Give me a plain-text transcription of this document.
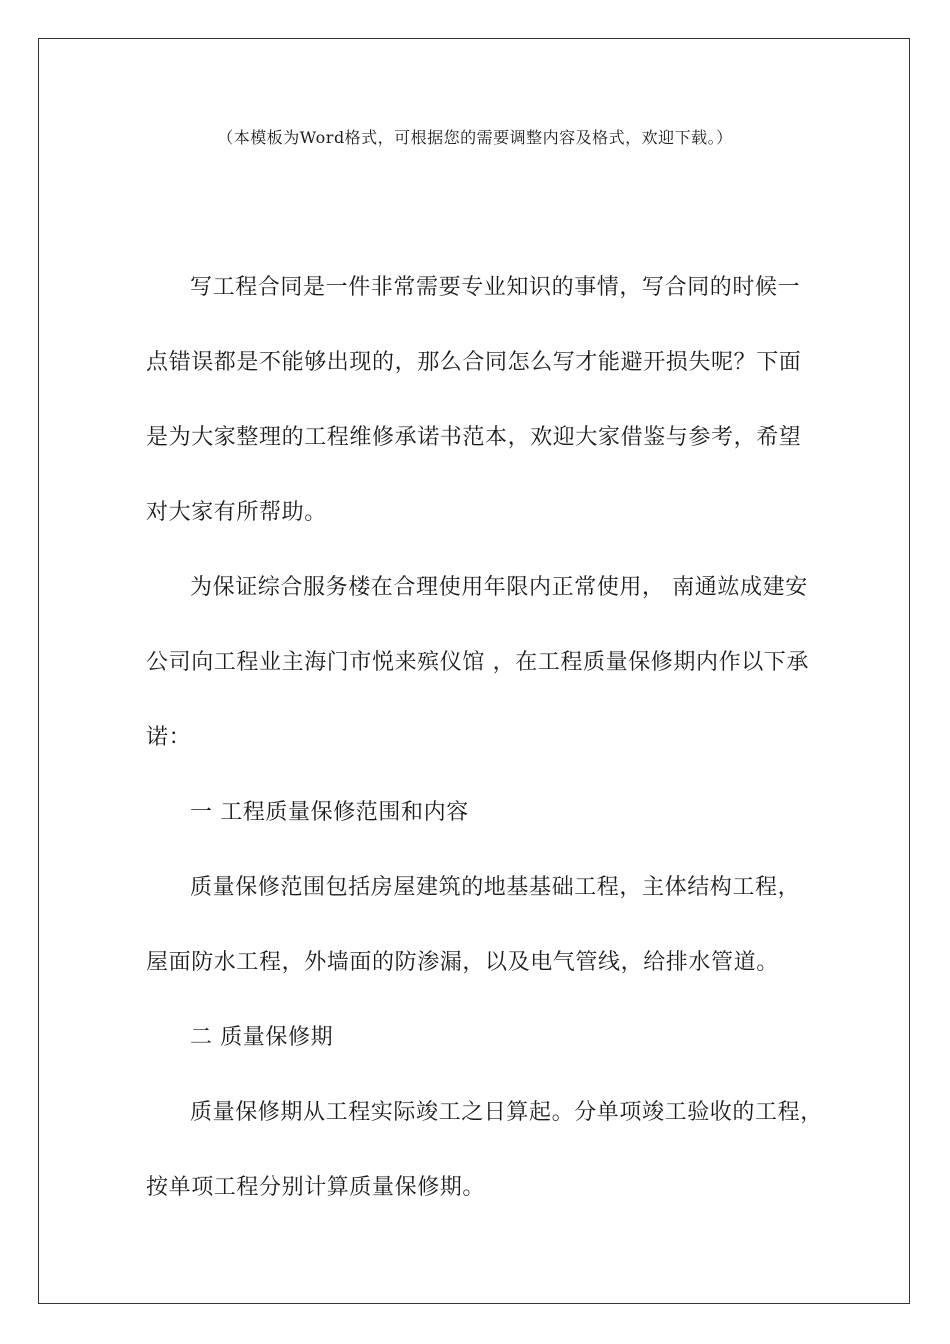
（本模板为Word格式，可根据您的需要调整内容及格式，欢迎下载。）
写工程合同是一件非常需要专业知识的事情，写合同的时候一
点错误都是不能够出现的，那么合同怎么写才能避开损失呢？下面
是为大家整理的工程维修承诺书范本，欢迎大家借鉴与参考，希望
对大家有所帮助。
为保证综合服务楼在合理使用年限内正常使用， 南通竑成建安
公司向工程业主海门市悦来殡仪馆 ，在工程质量保修期内作以下承
诺：
一 工程质量保修范围和内容
质量保修范围包括房屋建筑的地基基础工程，主体结构工程，
屋面防水工程，外墙面的防渗漏，以及电气管线，给排水管道。
二 质量保修期
质量保修期从工程实际竣工之日算起。分单项竣工验收的工程，
按单项工程分别计算质量保修期。
